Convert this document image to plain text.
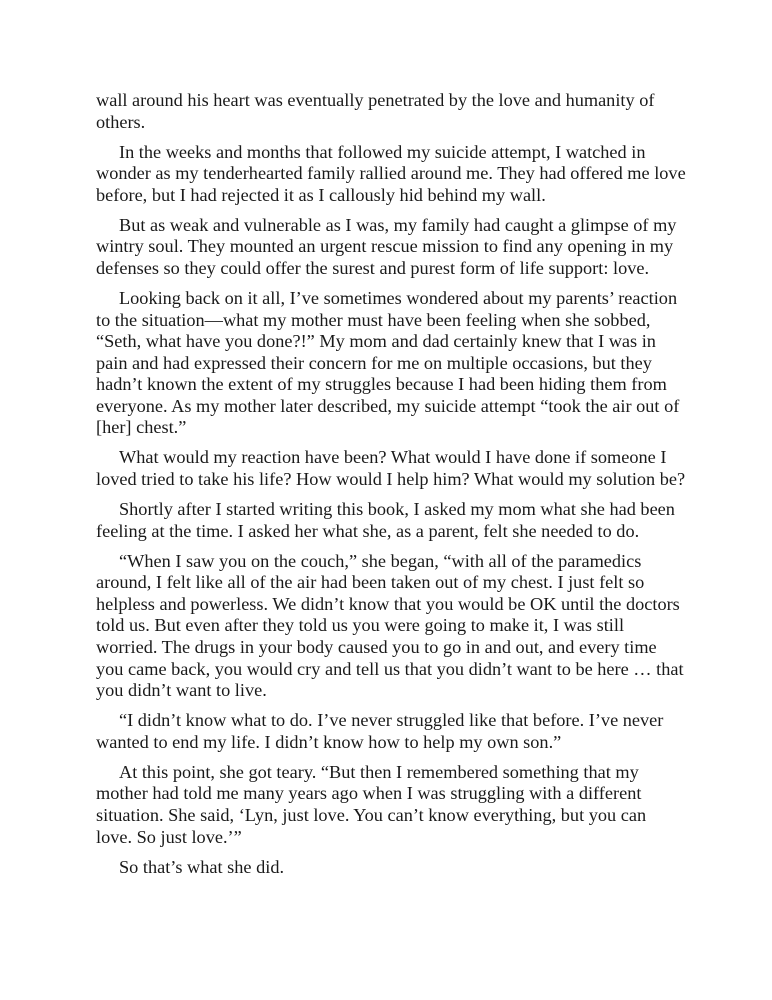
wall around his heart was eventually penetrated by the love and humanity of others.

In the weeks and months that followed my suicide attempt, I watched in wonder as my tenderhearted family rallied around me. They had offered me love before, but I had rejected it as I callously hid behind my wall.

But as weak and vulnerable as I was, my family had caught a glimpse of my wintry soul. They mounted an urgent rescue mission to find any opening in my defenses so they could offer the surest and purest form of life support: love.

Looking back on it all, I’ve sometimes wondered about my parents’ reaction to the situation—what my mother must have been feeling when she sobbed, “Seth, what have you done?!” My mom and dad certainly knew that I was in pain and had expressed their concern for me on multiple occasions, but they hadn’t known the extent of my struggles because I had been hiding them from everyone. As my mother later described, my suicide attempt “took the air out of [her] chest.”

What would my reaction have been? What would I have done if someone I loved tried to take his life? How would I help him? What would my solution be?

Shortly after I started writing this book, I asked my mom what she had been feeling at the time. I asked her what she, as a parent, felt she needed to do.

“When I saw you on the couch,” she began, “with all of the paramedics around, I felt like all of the air had been taken out of my chest. I just felt so helpless and powerless. We didn’t know that you would be OK until the doctors told us. But even after they told us you were going to make it, I was still worried. The drugs in your body caused you to go in and out, and every time you came back, you would cry and tell us that you didn’t want to be here … that you didn’t want to live.

“I didn’t know what to do. I’ve never struggled like that before. I’ve never wanted to end my life. I didn’t know how to help my own son.”

At this point, she got teary. “But then I remembered something that my mother had told me many years ago when I was struggling with a different situation. She said, ‘Lyn, just love. You can’t know everything, but you can love. So just love.’”

So that’s what she did.
